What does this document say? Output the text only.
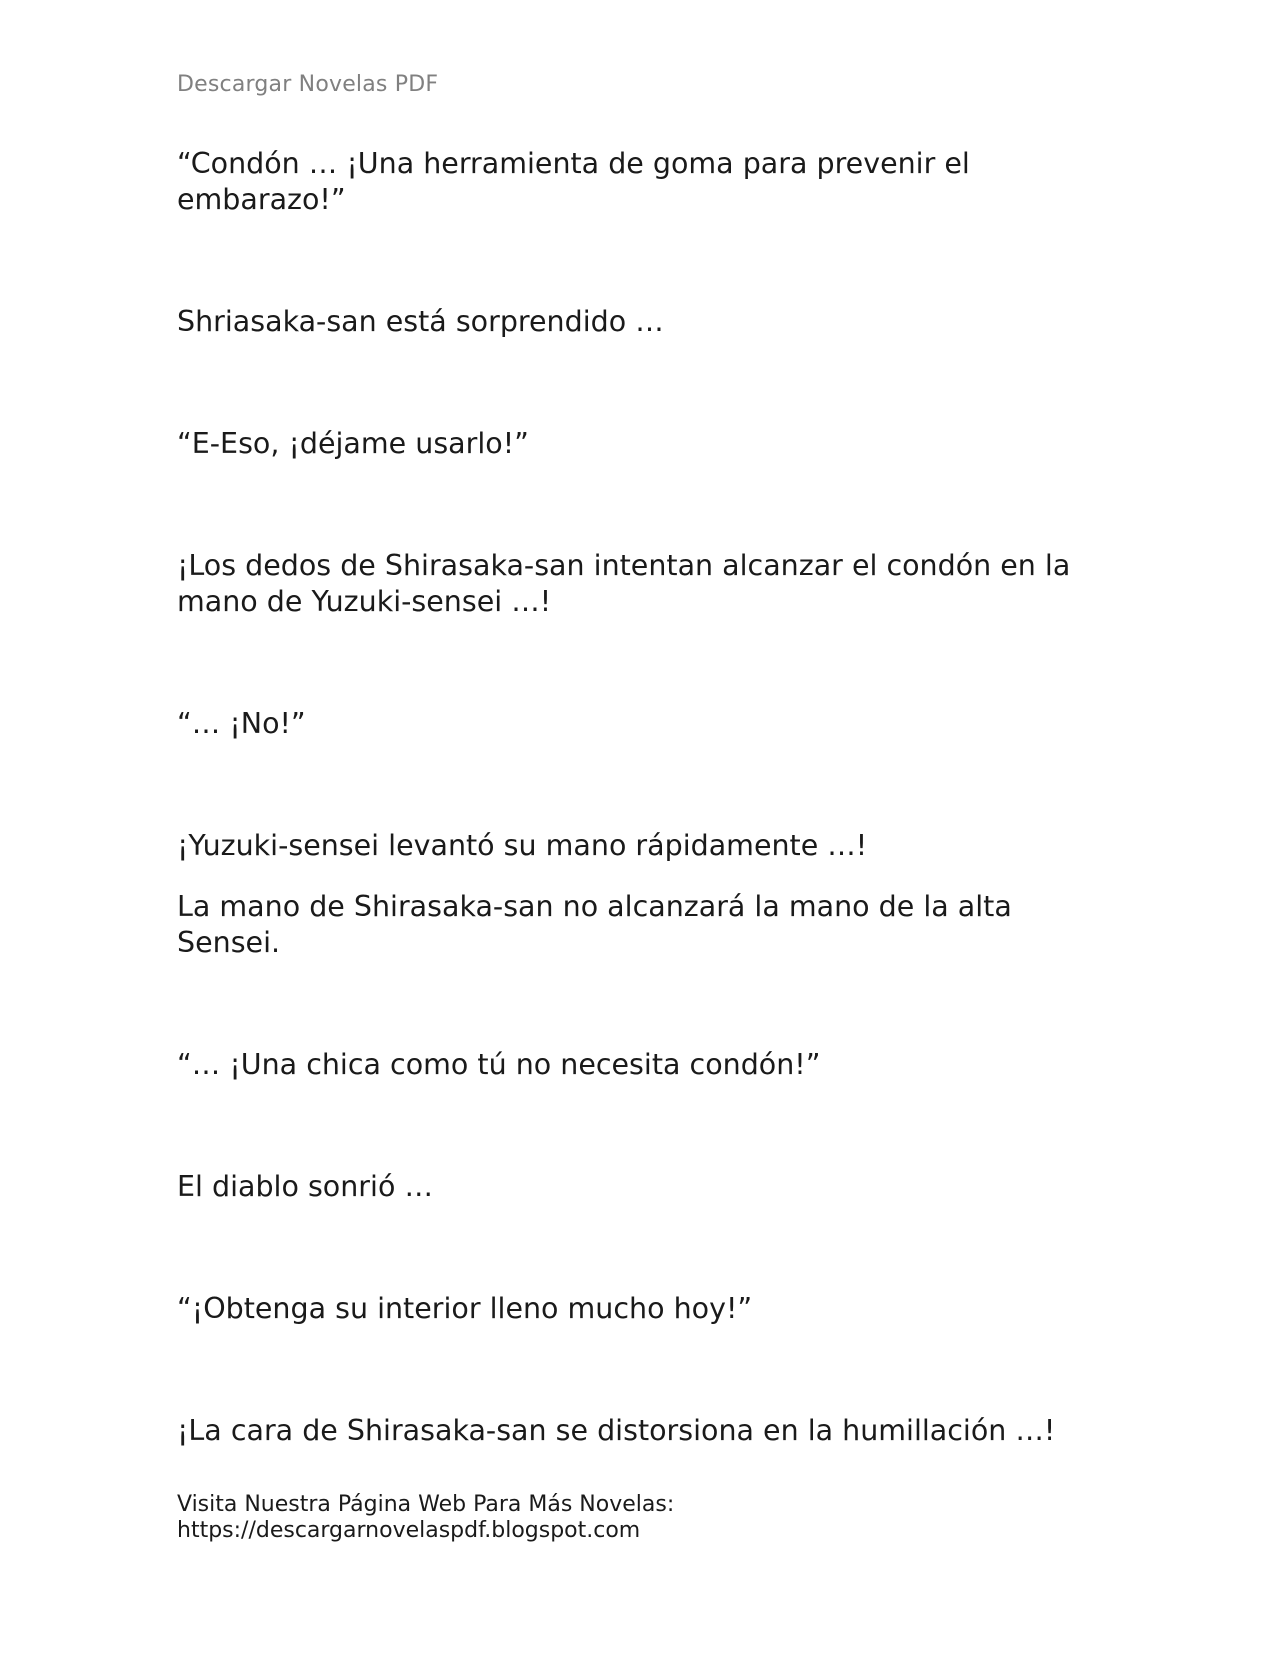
Descargar Novelas PDF

“Condón … ¡Una herramienta de goma para prevenir el embarazo!”

Shriasaka-san está sorprendido …

“E-Eso, ¡déjame usarlo!”

¡Los dedos de Shirasaka-san intentan alcanzar el condón en la mano de Yuzuki-sensei …!

“… ¡No!”

¡Yuzuki-sensei levantó su mano rápidamente …!

La mano de Shirasaka-san no alcanzará la mano de la alta Sensei.

“… ¡Una chica como tú no necesita condón!”

El diablo sonrió …

“¡Obtenga su interior lleno mucho hoy!”

¡La cara de Shirasaka-san se distorsiona en la humillación …!

Visita Nuestra Página Web Para Más Novelas:
https://descargarnovelaspdf.blogspot.com
